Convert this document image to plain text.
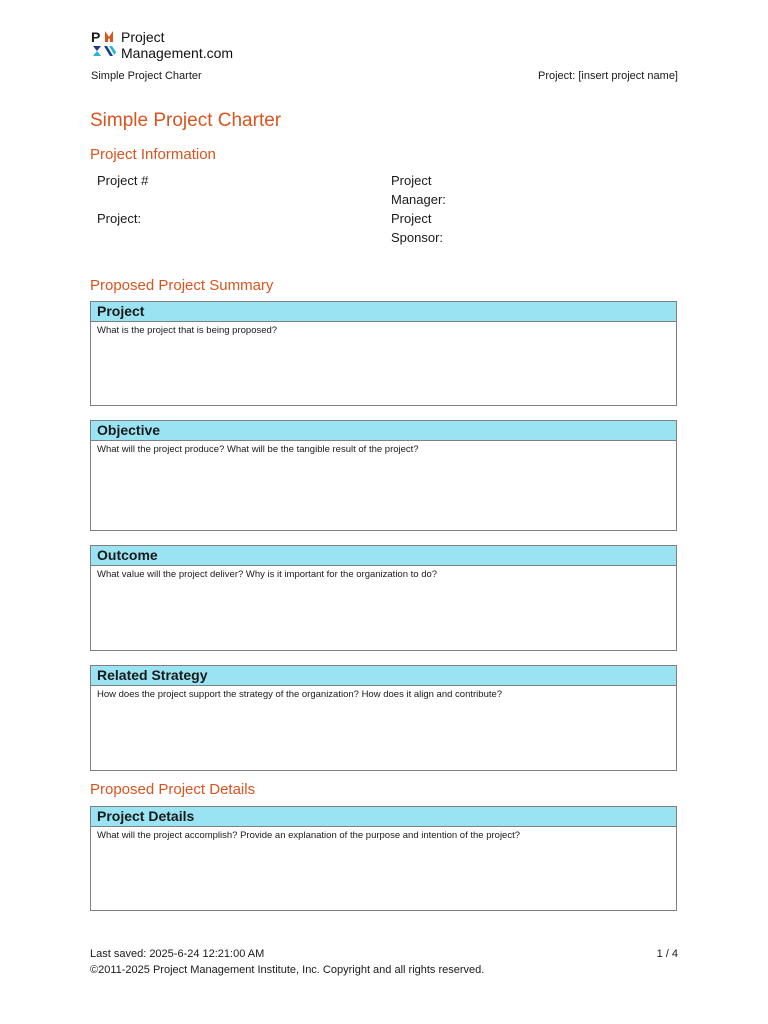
P Project
Management.com
Simple Project Charter	Project: [insert project name]
Simple Project Charter
Project Information
Project #
Project:
Project Manager:
Project Sponsor:
Proposed Project Summary
Project
What is the project that is being proposed?
Objective
What will the project produce? What will be the tangible result of the project?
Outcome
What value will the project deliver? Why is it important for the organization to do?
Related Strategy
How does the project support the strategy of the organization? How does it align and contribute?
Proposed Project Details
Project Details
What will the project accomplish? Provide an explanation of the purpose and intention of the project?
Last saved: 2025-6-24 12:21:00 AM
©2011-2025 Project Management Institute, Inc. Copyright and all rights reserved.
1 / 4
